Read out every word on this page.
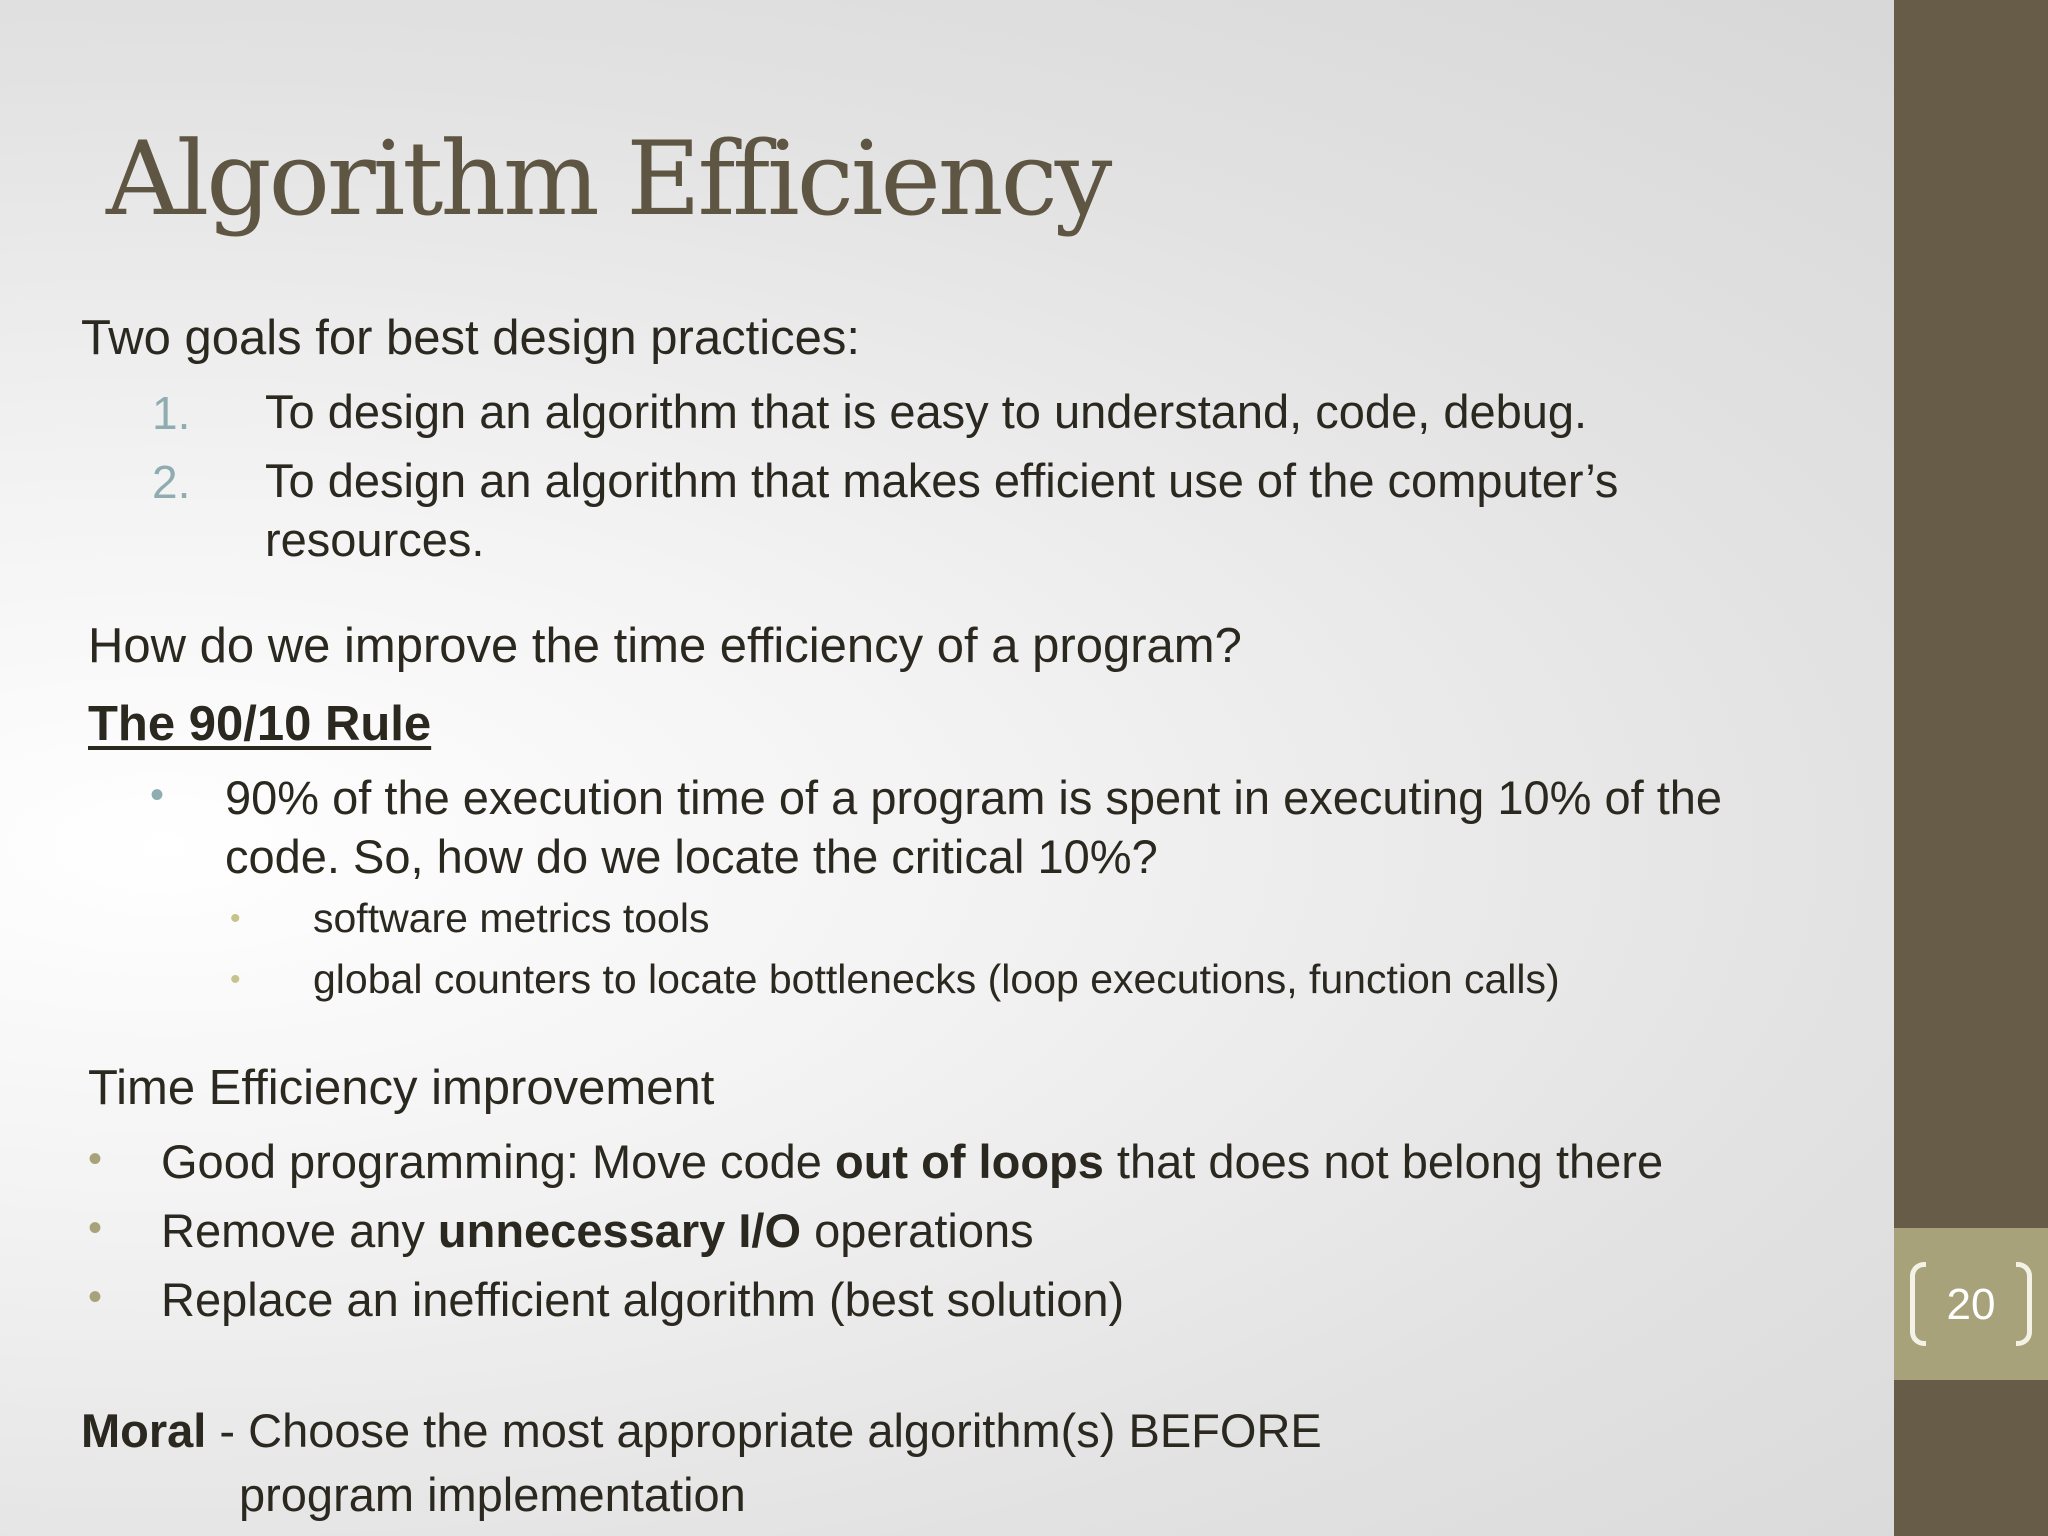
20
Algorithm Efficiency

Two goals for best design practices:

1. To design an algorithm that is easy to understand, code, debug.

2. To design an algorithm that makes efficient use of the computer’s

resources.

How do we improve the time efficiency of a program?

The 90/10 Rule

• 90% of the execution time of a program is spent in executing 10% of the

code. So, how do we locate the critical 10%?

• software metrics tools

• global counters to locate bottlenecks (loop executions, function calls)

Time Efficiency improvement

• Good programming: Move code out of loops that does not belong there

• Remove any unnecessary I/O operations

• Replace an inefficient algorithm (best solution)

Moral - Choose the most appropriate algorithm(s) BEFORE

program implementation
